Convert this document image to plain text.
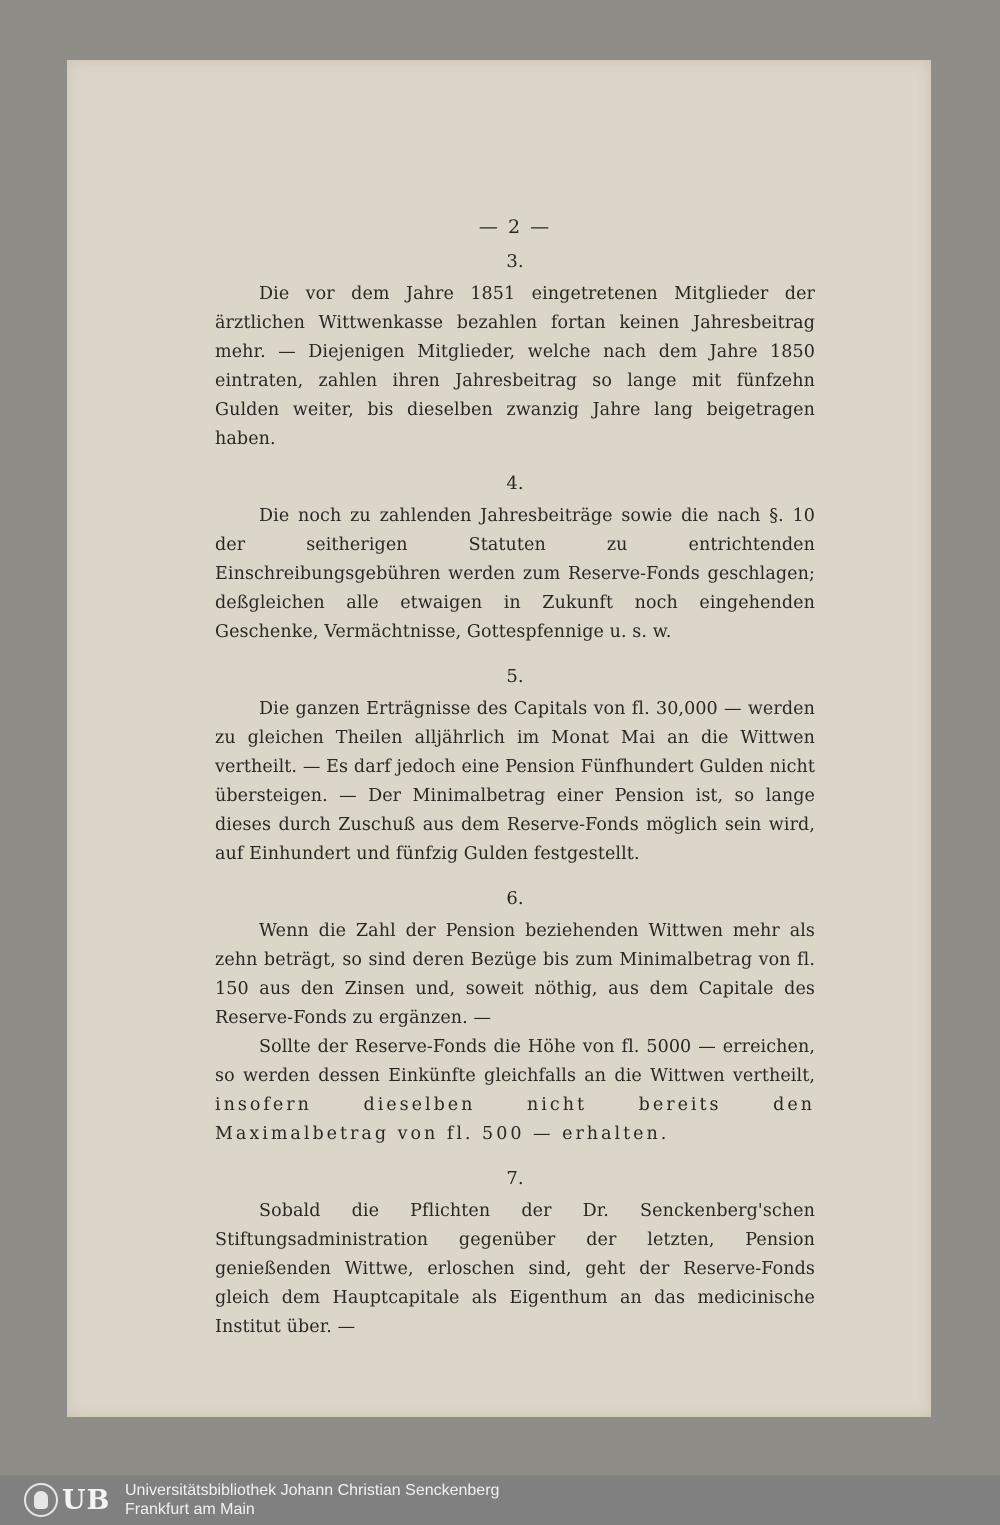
— 2 —

3.

Die vor dem Jahre 1851 eingetretenen Mitglieder der ärztlichen Wittwenkasse bezahlen fortan keinen Jahresbeitrag mehr. — Diejenigen Mitglieder, welche nach dem Jahre 1850 eintraten, zahlen ihren Jahresbeitrag so lange mit fünfzehn Gulden weiter, bis dieselben zwanzig Jahre lang beigetragen haben.

4.

Die noch zu zahlenden Jahresbeiträge sowie die nach §. 10 der seitherigen Statuten zu entrichtenden Einschreibungsgebühren werden zum Reserve-Fonds geschlagen; deßgleichen alle etwaigen in Zukunft noch eingehenden Geschenke, Vermächtnisse, Gottespfennige u. s. w.

5.

Die ganzen Erträgnisse des Capitals von fl. 30,000 — werden zu gleichen Theilen alljährlich im Monat Mai an die Wittwen vertheilt. — Es darf jedoch eine Pension Fünfhundert Gulden nicht übersteigen. — Der Minimalbetrag einer Pension ist, so lange dieses durch Zuschuß aus dem Reserve-Fonds möglich sein wird, auf Einhundert und fünfzig Gulden festgestellt.

6.

Wenn die Zahl der Pension beziehenden Wittwen mehr als zehn beträgt, so sind deren Bezüge bis zum Minimalbetrag von fl. 150 aus den Zinsen und, soweit nöthig, aus dem Capitale des Reserve-Fonds zu ergänzen. —

Sollte der Reserve-Fonds die Höhe von fl. 5000 — erreichen, so werden dessen Einkünfte gleichfalls an die Wittwen vertheilt, insofern dieselben nicht bereits den Maximalbetrag von fl. 500 — erhalten.

7.

Sobald die Pflichten der Dr. Senckenberg'schen Stiftungsadministration gegenüber der letzten, Pension genießenden Wittwe, erloschen sind, geht der Reserve-Fonds gleich dem Hauptcapitale als Eigenthum an das medicinische Institut über. —

UB Universitätsbibliothek Johann Christian Senckenberg
Frankfurt am Main
